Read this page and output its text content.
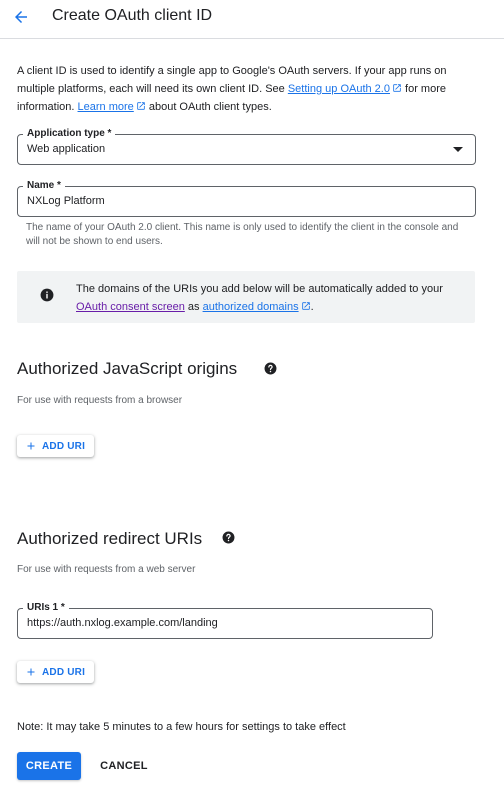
Create OAuth client ID
A client ID is used to identify a single app to Google's OAuth servers. If your app runs on multiple platforms, each will need its own client ID. See Setting up OAuth 2.0 for more information. Learn more about OAuth client types.
Application type *
Web application
Name *
NXLog Platform
The name of your OAuth 2.0 client. This name is only used to identify the client in the console and will not be shown to end users.
The domains of the URIs you add below will be automatically added to your OAuth consent screen as authorized domains .
Authorized JavaScript origins
For use with requests from a browser
ADD URI
Authorized redirect URIs
For use with requests from a web server
URIs 1 *
https://auth.nxlog.example.com/landing
ADD URI
Note: It may take 5 minutes to a few hours for settings to take effect
CREATE	CANCEL
